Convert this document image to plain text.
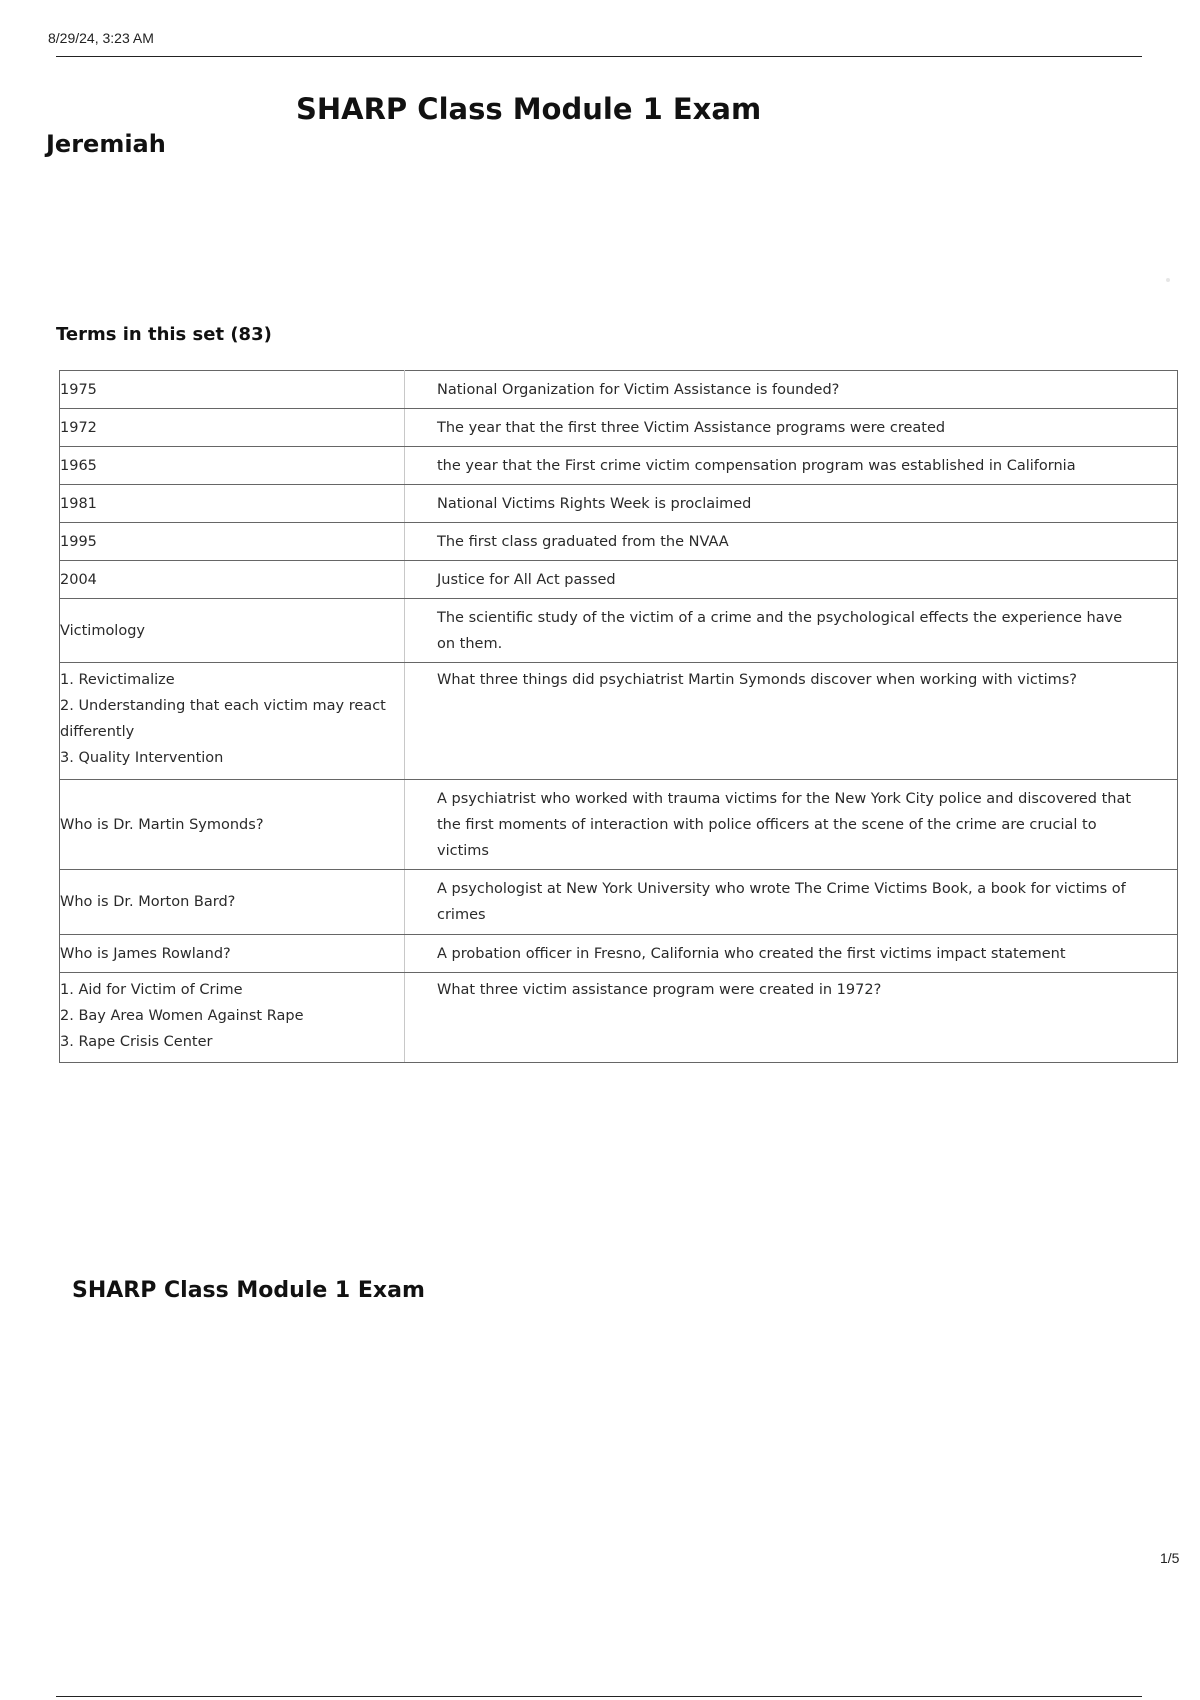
8/29/24, 3:23 AM
SHARP Class Module 1 Exam
Jeremiah
Terms in this set (83)
1975	National Organization for Victim Assistance is founded?
1972	The year that the first three Victim Assistance programs were created
1965	the year that the First crime victim compensation program was established in California
1981	National Victims Rights Week is proclaimed
1995	The first class graduated from the NVAA
2004	Justice for All Act passed
Victimology	The scientific study of the victim of a crime and the psychological effects the experience have on them.
1. Revictimalize
2. Understanding that each victim may react differently
3. Quality Intervention	What three things did psychiatrist Martin Symonds discover when working with victims?
Who is Dr. Martin Symonds?	A psychiatrist who worked with trauma victims for the New York City police and discovered that the first moments of interaction with police officers at the scene of the crime are crucial to victims
Who is Dr. Morton Bard?	A psychologist at New York University who wrote The Crime Victims Book, a book for victims of crimes
Who is James Rowland?	A probation officer in Fresno, California who created the first victims impact statement
1. Aid for Victim of Crime
2. Bay Area Women Against Rape
3. Rape Crisis Center	What three victim assistance program were created in 1972?
SHARP Class Module 1 Exam
1/5
